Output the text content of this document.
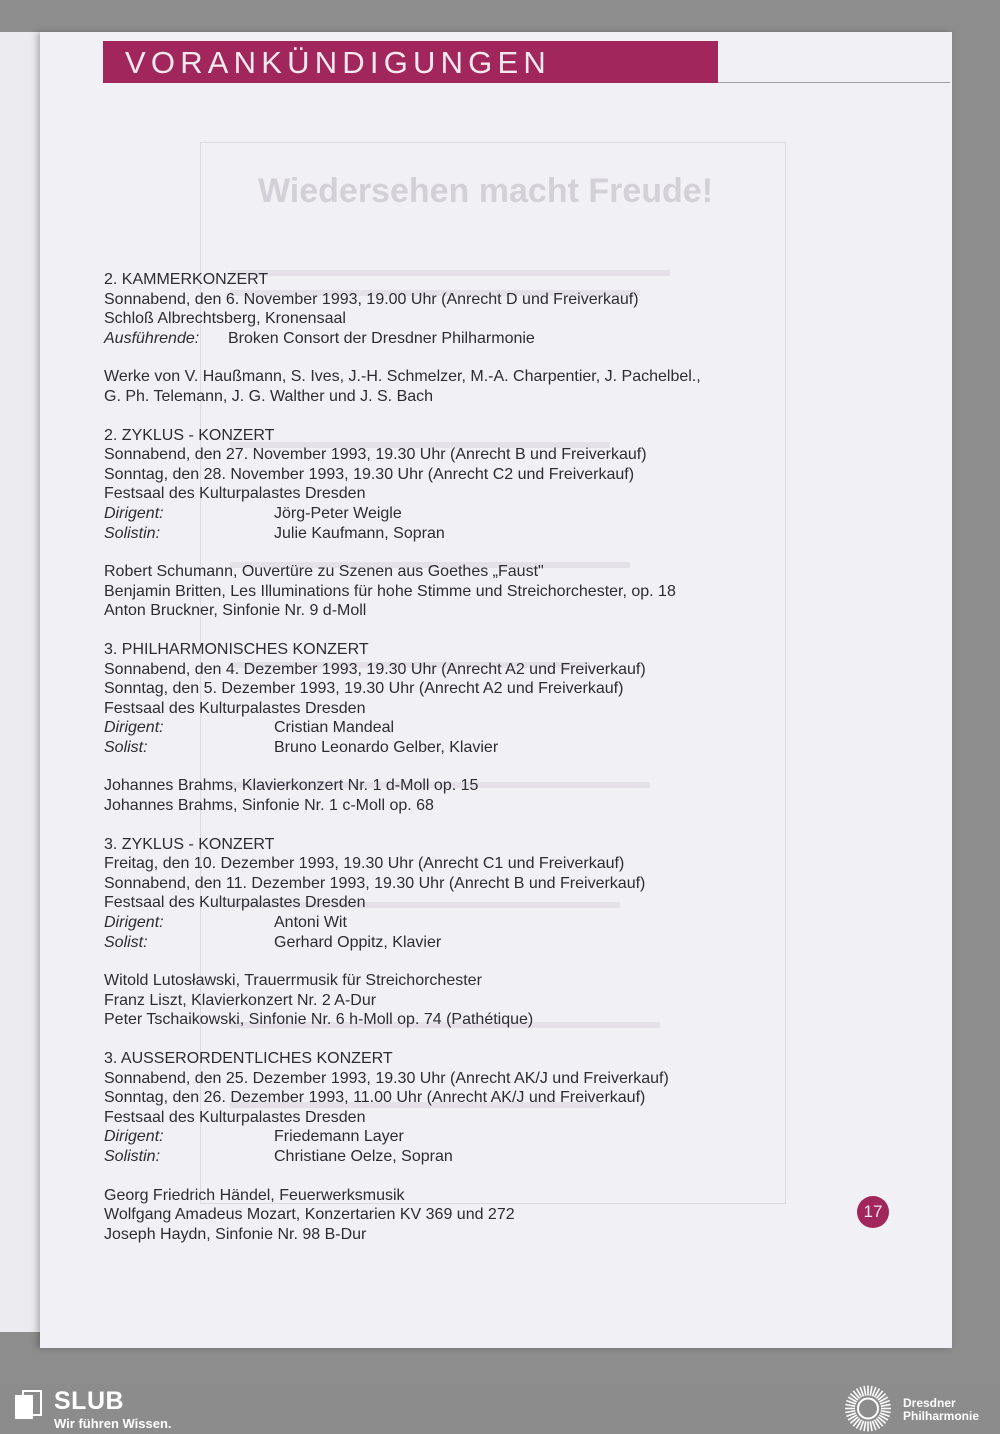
VORANKÜNDIGUNGEN
Wiedersehen macht Freude!
2. KAMMERKONZERT
Sonnabend, den 6. November 1993, 19.00 Uhr (Anrecht D und Freiverkauf)
Schloß Albrechtsberg, Kronensaal
Ausführende:	Broken Consort der Dresdner Philharmonie
Werke von V. Haußmann, S. Ives, J.-H. Schmelzer, M.-A. Charpentier, J. Pachelbel.,
G. Ph. Telemann, J. G. Walther und J. S. Bach
2. ZYKLUS - KONZERT
Sonnabend, den 27. November 1993, 19.30 Uhr (Anrecht B und Freiverkauf)
Sonntag, den 28. November 1993, 19.30 Uhr (Anrecht C2 und Freiverkauf)
Festsaal des Kulturpalastes Dresden
Dirigent:	Jörg-Peter Weigle
Solistin:	Julie Kaufmann, Sopran
Robert Schumann, Ouvertüre zu Szenen aus Goethes „Faust"
Benjamin Britten, Les Illuminations für hohe Stimme und Streichorchester, op. 18
Anton Bruckner, Sinfonie Nr. 9 d-Moll
3. PHILHARMONISCHES KONZERT
Sonnabend, den 4. Dezember 1993, 19.30 Uhr (Anrecht A2 und Freiverkauf)
Sonntag, den 5. Dezember 1993, 19.30 Uhr (Anrecht A2 und Freiverkauf)
Festsaal des Kulturpalastes Dresden
Dirigent:	Cristian Mandeal
Solist:	Bruno Leonardo Gelber, Klavier
Johannes Brahms, Klavierkonzert Nr. 1 d-Moll op. 15
Johannes Brahms, Sinfonie Nr. 1 c-Moll op. 68
3. ZYKLUS - KONZERT
Freitag, den 10. Dezember 1993, 19.30 Uhr (Anrecht C1 und Freiverkauf)
Sonnabend, den 11. Dezember 1993, 19.30 Uhr (Anrecht B und Freiverkauf)
Festsaal des Kulturpalastes Dresden
Dirigent:	Antoni Wit
Solist:	Gerhard Oppitz, Klavier
Witold Lutosławski, Trauerrmusik für Streichorchester
Franz Liszt, Klavierkonzert Nr. 2 A-Dur
Peter Tschaikowski, Sinfonie Nr. 6 h-Moll op. 74 (Pathétique)
3. AUSSERORDENTLICHES KONZERT
Sonnabend, den 25. Dezember 1993, 19.30 Uhr (Anrecht AK/J und Freiverkauf)
Sonntag, den 26. Dezember 1993, 11.00 Uhr (Anrecht AK/J und Freiverkauf)
Festsaal des Kulturpalastes Dresden
Dirigent:	Friedemann Layer
Solistin:	Christiane Oelze, Sopran
Georg Friedrich Händel, Feuerwerksmusik
Wolfgang Amadeus Mozart, Konzertarien KV 369 und 272
Joseph Haydn, Sinfonie Nr. 98 B-Dur
17
SLUB
Wir führen Wissen.
Dresdner
Philharmonie
